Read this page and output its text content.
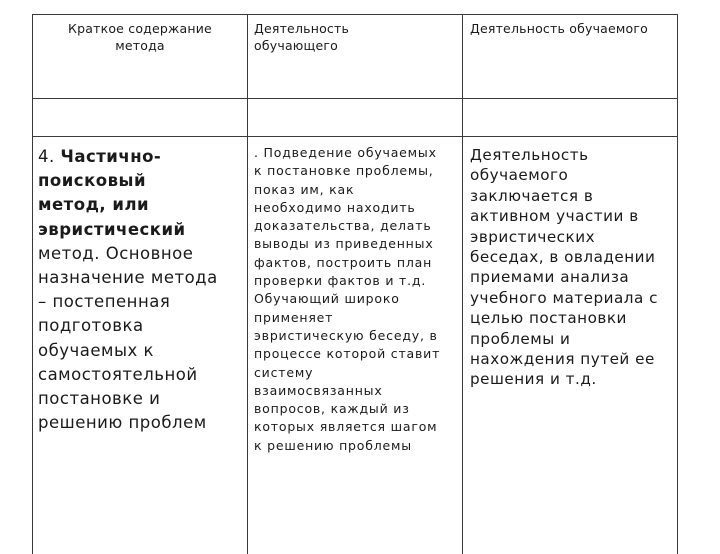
Краткое содержание
метода
Деятельность
обучающего
Деятельность обучаемого
4. Частично-
поисковый
метод, или
эвристический
метод. Основное
назначение метода
– постепенная
подготовка
обучаемых к
самостоятельной
постановке и
решению проблем
. Подведение обучаемых
к постановке проблемы,
показ им, как
необходимо находить
доказательства, делать
выводы из приведенных
фактов, построить план
проверки фактов и т.д.
Обучающий широко
применяет
эвристическую беседу, в
процессе которой ставит
систему
взаимосвязанных
вопросов, каждый из
которых является шагом
к решению проблемы
Деятельность
обучаемого
заключается в
активном участии в
эвристических
беседах, в овладении
приемами анализа
учебного материала с
целью постановки
проблемы и
нахождения путей ее
решения и т.д.
